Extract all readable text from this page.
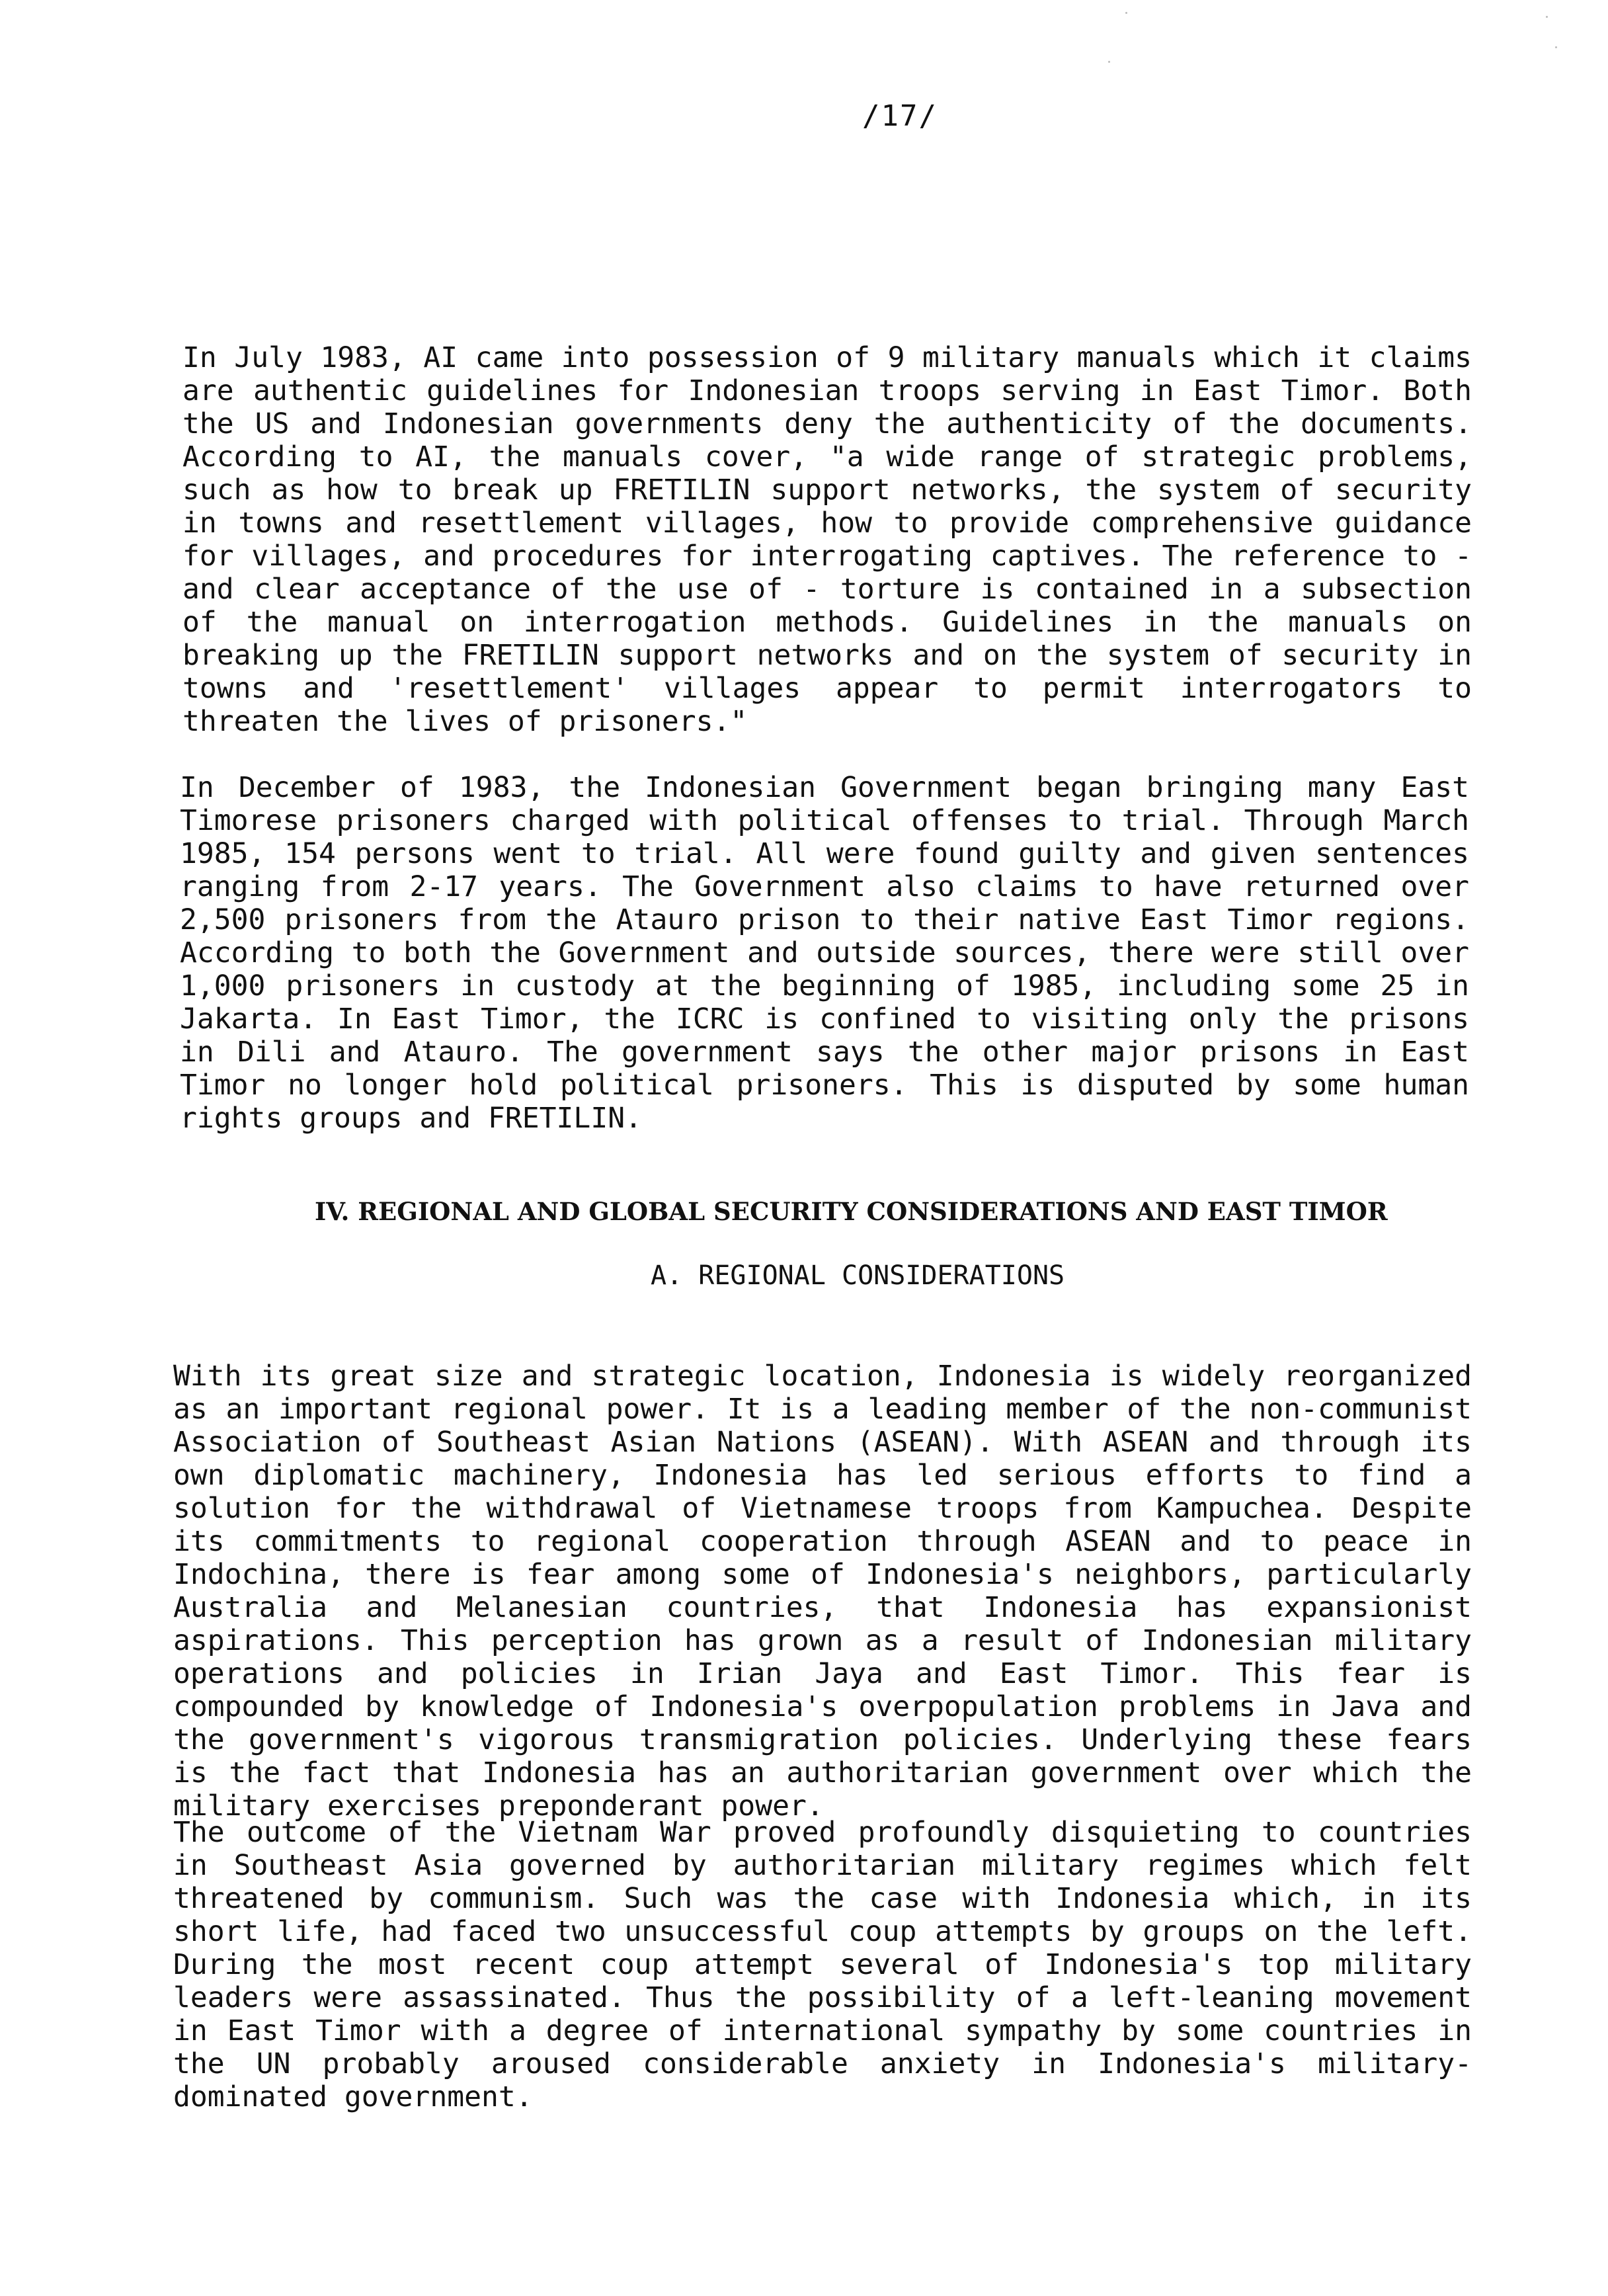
/17/

In July 1983, AI came into possession of 9 military manuals which it claims are authentic guidelines for Indonesian troops serving in East Timor. Both the US and Indonesian governments deny the authenticity of the documents. According to AI, the manuals cover, "a wide range of strategic problems, such as how to break up FRETILIN support networks, the system of security in towns and resettlement villages, how to provide comprehensive guidance for villages, and procedures for interrogating captives. The reference to - and clear acceptance of the use of - torture is contained in a subsection of the manual on interrogation methods. Guidelines in the manuals on breaking up the FRETILIN support networks and on the system of security in towns and 'resettlement' villages appear to permit interrogators to threaten the lives of prisoners."

In December of 1983, the Indonesian Government began bringing many East Timorese prisoners charged with political offenses to trial. Through March 1985, 154 persons went to trial. All were found guilty and given sentences ranging from 2-17 years. The Government also claims to have returned over 2,500 prisoners from the Atauro prison to their native East Timor regions. According to both the Government and outside sources, there were still over 1,000 prisoners in custody at the beginning of 1985, including some 25 in Jakarta. In East Timor, the ICRC is confined to visiting only the prisons in Dili and Atauro. The government says the other major prisons in East Timor no longer hold political prisoners. This is disputed by some human rights groups and FRETILIN.

IV. REGIONAL AND GLOBAL SECURITY CONSIDERATIONS AND EAST TIMOR
A. REGIONAL CONSIDERATIONS

With its great size and strategic location, Indonesia is widely reorganized as an important regional power. It is a leading member of the non-communist Association of Southeast Asian Nations (ASEAN). With ASEAN and through its own diplomatic machinery, Indonesia has led serious efforts to find a solution for the withdrawal of Vietnamese troops from Kampuchea. Despite its commitments to regional cooperation through ASEAN and to peace in Indochina, there is fear among some of Indonesia's neighbors, particularly Australia and Melanesian countries, that Indonesia has expansionist aspirations. This perception has grown as a result of Indonesian military operations and policies in Irian Jaya and East Timor. This fear is compounded by knowledge of Indonesia's overpopulation problems in Java and the government's vigorous transmigration policies. Underlying these fears is the fact that Indonesia has an authoritarian government over which the military exercises preponderant power.

The outcome of the Vietnam War proved profoundly disquieting to countries in Southeast Asia governed by authoritarian military regimes which felt threatened by communism. Such was the case with Indonesia which, in its short life, had faced two unsuccessful coup attempts by groups on the left. During the most recent coup attempt several of Indonesia's top military leaders were assassinated. Thus the possibility of a left-leaning movement in East Timor with a degree of international sympathy by some countries in the UN probably aroused considerable anxiety in Indonesia's military-dominated government.
